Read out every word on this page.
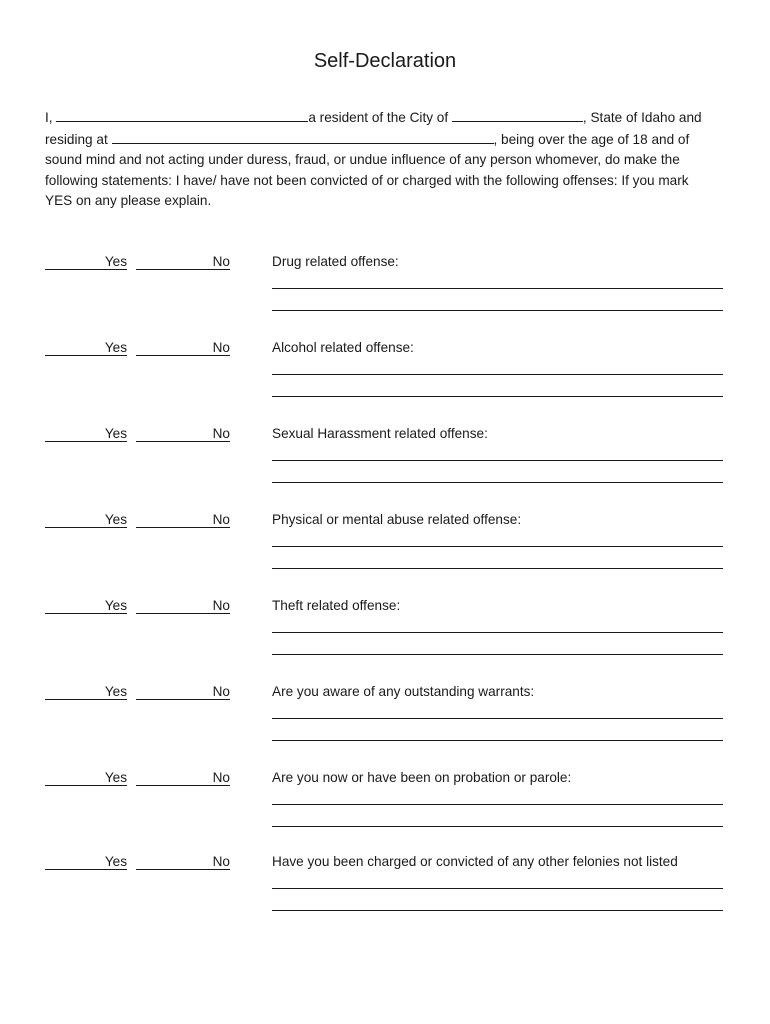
Self-Declaration
I,	a resident of the City of	, State of Idaho and
residing at	, being over the age of 18 and of
sound mind and not acting under duress, fraud, or undue influence of any person whomever, do make the
following statements: I have/ have not been convicted of or charged with the following offenses: If you mark
YES on any please explain.
Yes	No	Drug related offense:
Yes	No	Alcohol related offense:
Yes	No	Sexual Harassment related offense:
Yes	No	Physical or mental abuse related offense:
Yes	No	Theft related offense:
Yes	No	Are you aware of any outstanding warrants:
Yes	No	Are you now or have been on probation or parole:
Yes	No	Have you been charged or convicted of any other felonies not listed
